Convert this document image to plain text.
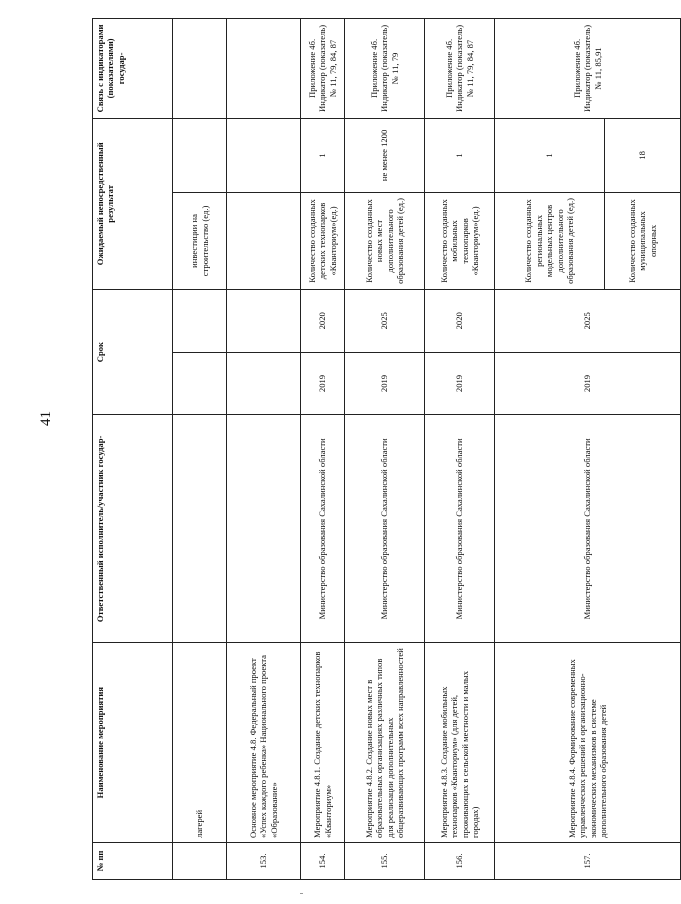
41
№ пп	Наименование мероприятия	Ответственный исполнитель/участник государ-	Срок		Ожидаемый непосредственный результат		Связь с индикаторами (показателями) государ-
	лагерей				инвестиции на строительство (ед.)		
153.	Основное мероприятие 4.8. Федеральный проект «Успех каждого ребенка» Национального проекта «Образование»						
154.	Мероприятие 4.8.1. Создание детских технопарков «Кванториум»	Министерство образования Сахалинской области	2019	2020	Количество созданных детских технопарков «Кванториум»(ед.)	1	Приложение 4б. Индикатор (показатель) № 11, 79, 84, 87
155.	Мероприятие 4.8.2. Создание новых мест в образовательных организациях различных типов для реализации дополнительных общеразвивающих программ всех направленностей	Министерство образования Сахалинской области	2019	2025	Количество созданных новых мест дополнительного образования детей (ед.)	не менее 1200	Приложение 4б. Индикатор (показатель) № 11, 79
156.	Мероприятие 4.8.3. Создание мобильных технопарков «Кванториум» (для детей, проживающих в сельской местности и малых городах)	Министерство образования Сахалинской области	2019	2020	Количество созданных мобильных технопарков «Кванториум»(ед.)	1	Приложение 4б. Индикатор (показатель) № 11, 79, 84, 87
157.	Мероприятие 4.8.4. Формирование современных управленческих решений и организационно-экономических механизмов в системе дополнительного образования детей	Министерство образования Сахалинской области	2019	2025	Количество созданных региональных модельных центров дополнительного образования детей (ед.)	1	Приложение 4б. Индикатор (показатель) № 11, 85,91
					Количество созданных муниципальных опорных	18	
